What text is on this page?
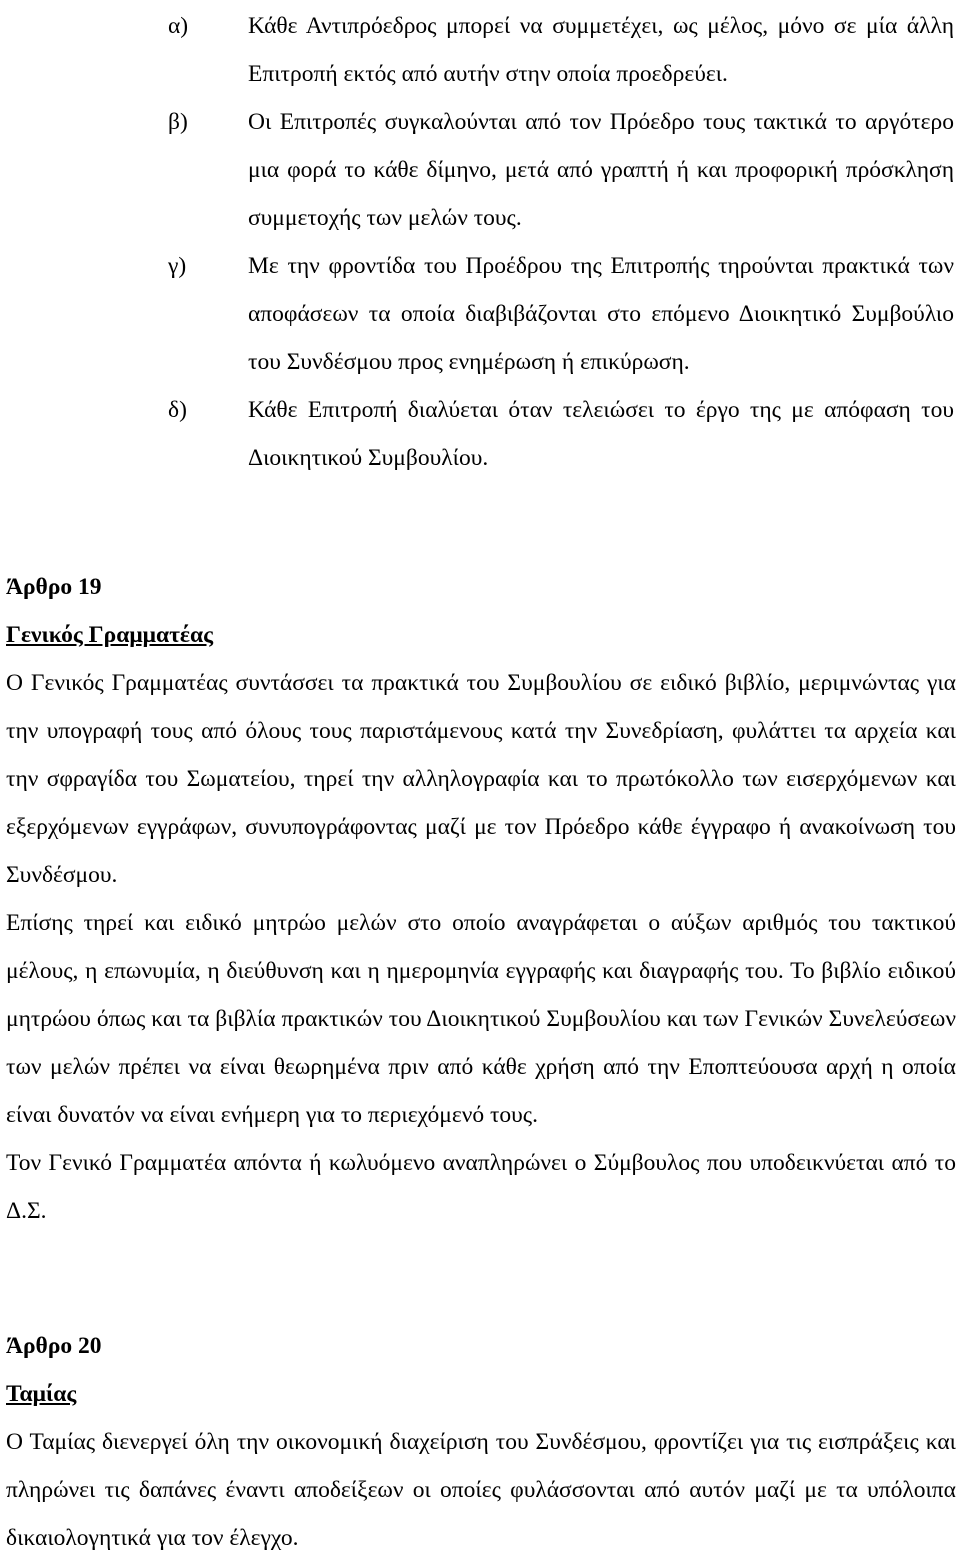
α)	Κάθε Αντιπρόεδρος μπορεί να συμμετέχει, ως μέλος, μόνο σε μία άλλη Επιτροπή εκτός από αυτήν στην οποία προεδρεύει.
β)	Οι Επιτροπές συγκαλούνται από τον Πρόεδρο τους τακτικά το αργότερο μια φορά το κάθε δίμηνο, μετά από γραπτή ή και προφορική πρόσκληση συμμετοχής των μελών τους.
γ)	Με την φροντίδα του Προέδρου της Επιτροπής τηρούνται πρακτικά των αποφάσεων τα οποία διαβιβάζονται στο επόμενο Διοικητικό Συμβούλιο του Συνδέσμου προς ενημέρωση ή επικύρωση.
δ)	Κάθε Επιτροπή διαλύεται όταν τελειώσει το έργο της με απόφαση του Διοικητικού Συμβουλίου.
Άρθρο 19
Γενικός Γραμματέας
Ο Γενικός Γραμματέας συντάσσει τα πρακτικά του Συμβουλίου σε ειδικό βιβλίο, μεριμνώντας για την υπογραφή τους από όλους τους παριστάμενους κατά την Συνεδρίαση, φυλάττει τα αρχεία και την σφραγίδα του Σωματείου, τηρεί την αλληλογραφία και το πρωτόκολλο των εισερχόμενων και εξερχόμενων εγγράφων, συνυπογράφοντας μαζί με τον Πρόεδρο κάθε έγγραφο ή ανακοίνωση του Συνδέσμου.
Επίσης τηρεί και ειδικό μητρώο μελών στο οποίο αναγράφεται ο αύξων αριθμός του τακτικού μέλους, η επωνυμία, η διεύθυνση και η ημερομηνία εγγραφής και διαγραφής του. Το βιβλίο ειδικού μητρώου όπως και τα βιβλία πρακτικών του Διοικητικού Συμβουλίου και των Γενικών Συνελεύσεων των μελών πρέπει να είναι θεωρημένα πριν από κάθε χρήση από την Εποπτεύουσα αρχή η οποία είναι δυνατόν να είναι ενήμερη για το περιεχόμενό τους.
Τον Γενικό Γραμματέα απόντα ή κωλυόμενο αναπληρώνει ο Σύμβουλος που υποδεικνύεται από το Δ.Σ.
Άρθρο 20
Ταμίας
Ο Ταμίας διενεργεί όλη την οικονομική διαχείριση του Συνδέσμου, φροντίζει για τις εισπράξεις και πληρώνει τις δαπάνες έναντι αποδείξεων οι οποίες φυλάσσονται από αυτόν μαζί με τα υπόλοιπα δικαιολογητικά για τον έλεγχο.
